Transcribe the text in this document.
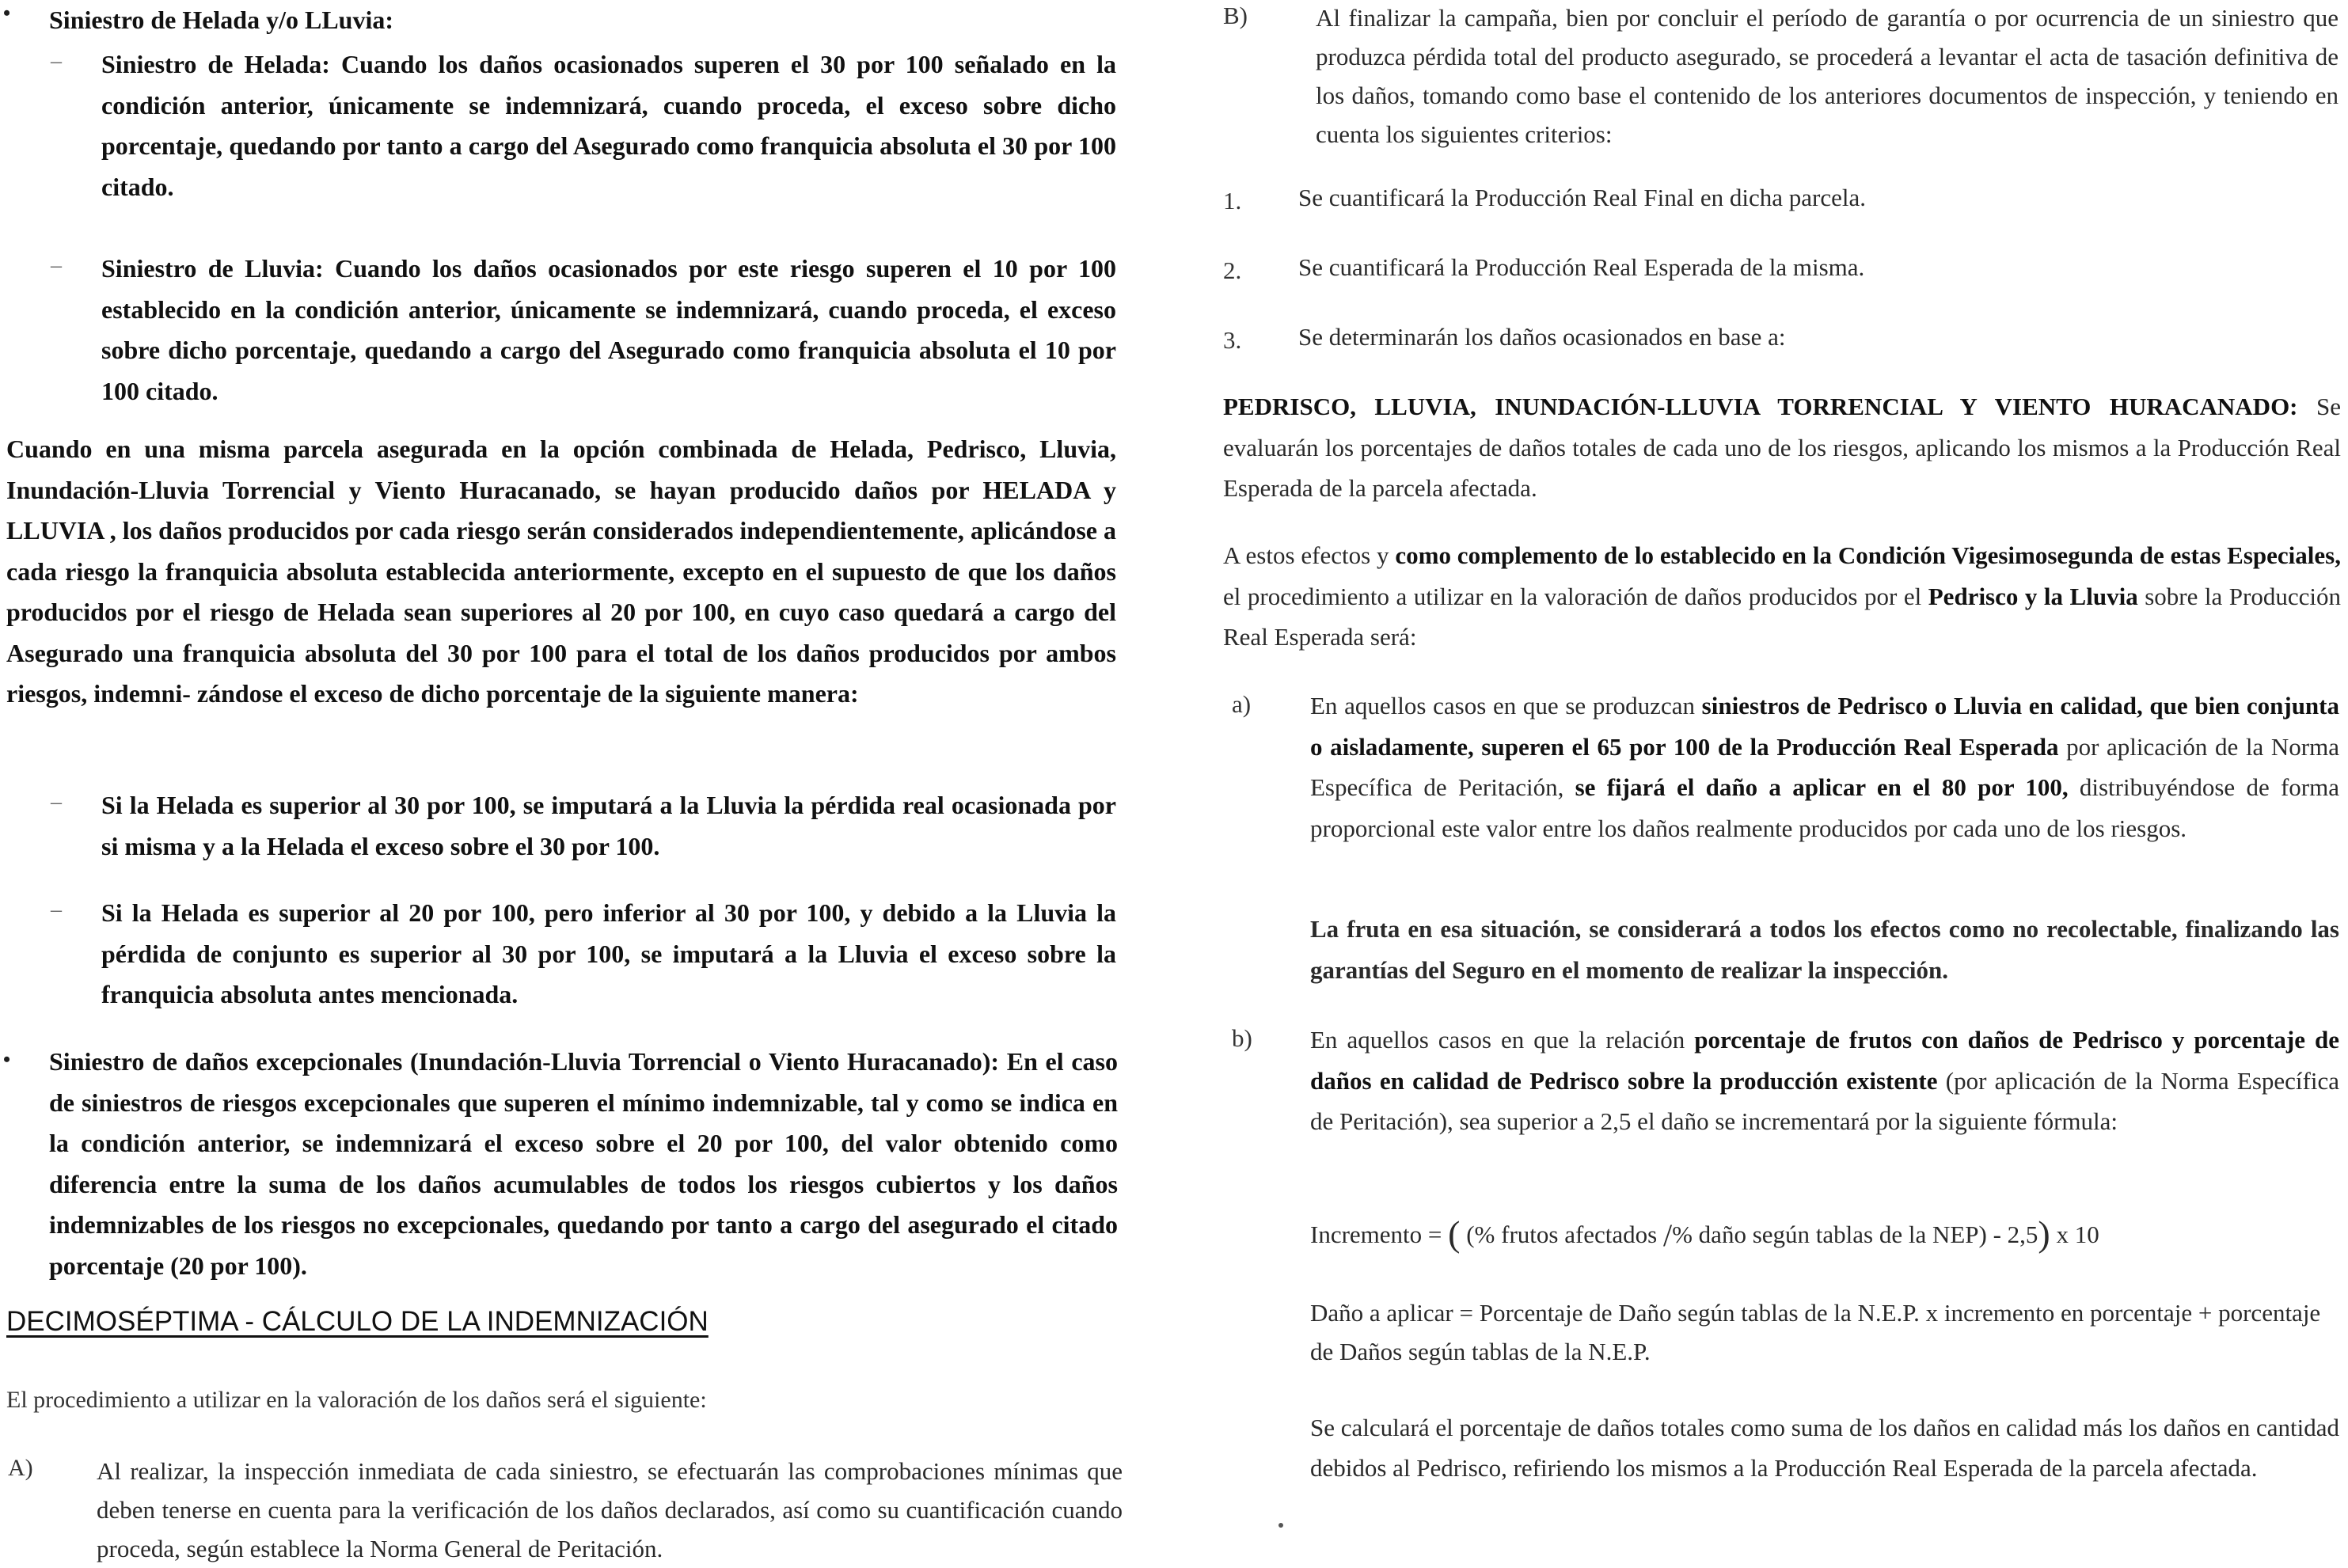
•	Siniestro de Helada y/o LLuvia:

– Siniestro de Helada: Cuando los daños ocasionados superen el 30 por 100 señalado en la condición anterior, únicamente se indemnizará, cuando proceda, el exceso sobre dicho porcentaje, quedando por tanto a cargo del Asegurado como franquicia absoluta el 30 por 100 citado.

– Siniestro de Lluvia: Cuando los daños ocasionados por este riesgo superen el 10 por 100 establecido en la condición anterior, únicamente se indemnizará, cuando proceda, el exceso sobre dicho porcentaje, quedando a cargo del Asegurado como franquicia absoluta el 10 por 100 citado.

Cuando en una misma parcela asegurada en la opción combinada de Helada, Pedrisco, Lluvia, Inundación-Lluvia Torrencial y Viento Huracanado, se hayan producido daños por HELADA y LLUVIA , los daños producidos por cada riesgo serán considerados independientemente, aplicándose a cada riesgo la franquicia absoluta establecida anteriormente, excepto en el supuesto de que los daños producidos por el riesgo de Helada sean superiores al 20 por 100, en cuyo caso quedará a cargo del Asegurado una franquicia absoluta del 30 por 100 para el total de los daños producidos por ambos riesgos, indemni- zándose el exceso de dicho porcentaje de la siguiente manera:

– Si la Helada es superior al 30 por 100, se imputará a la Lluvia la pérdida real ocasionada por si misma y a la Helada el exceso sobre el 30 por 100.

– Si la Helada es superior al 20 por 100, pero inferior al 30 por 100, y debido a la Lluvia la pérdida de conjunto es superior al 30 por 100, se imputará a la Lluvia el exceso sobre la franquicia absoluta antes mencionada.

•	Siniestro de daños excepcionales (Inundación-Lluvia Torrencial o Viento Huracanado): En el caso de siniestros de riesgos excepcionales que superen el mínimo indemnizable, tal y como se indica en la condición anterior, se indemnizará el exceso sobre el 20 por 100, del valor obtenido como diferencia entre la suma de los daños acumulables de todos los riesgos cubiertos y los daños indemnizables de los riesgos no excepcionales, quedando por tanto a cargo del asegurado el citado porcentaje (20 por 100).

DECIMOSÉPTIMA - CÁLCULO DE LA INDEMNIZACIÓN

El procedimiento a utilizar en la valoración de los daños será el siguiente:

A)	Al realizar, la inspección inmediata de cada siniestro, se efectuarán las comprobaciones mínimas que deben tenerse en cuenta para la verificación de los daños declarados, así como su cuantificación cuando proceda, según establece la Norma General de Peritación.

B)	Al finalizar la campaña, bien por concluir el período de garantía o por ocurrencia de un siniestro que produzca pérdida total del producto asegurado, se procederá a levantar el acta de tasación definitiva de los daños, tomando como base el contenido de los anteriores documentos de inspección, y teniendo en cuenta los siguientes criterios:

1. Se cuantificará la Producción Real Final en dicha parcela.

2. Se cuantificará la Producción Real Esperada de la misma.

3. Se determinarán los daños ocasionados en base a:

PEDRISCO, LLUVIA, INUNDACIÓN-LLUVIA TORRENCIAL Y VIENTO HURACANADO: Se evaluarán los porcentajes de daños totales de cada uno de los riesgos, aplicando los mismos a la Producción Real Esperada de la parcela afectada.

A estos efectos y como complemento de lo establecido en la Condición Vigesimosegunda de estas Especiales, el procedimiento a utilizar en la valoración de daños producidos por el Pedrisco y la Lluvia sobre la Producción Real Esperada será:

a) En aquellos casos en que se produzcan siniestros de Pedrisco o Lluvia en calidad, que bien conjunta o aisladamente, superen el 65 por 100 de la Producción Real Esperada por aplicación de la Norma Específica de Peritación, se fijará el daño a aplicar en el 80 por 100, distribuyéndose de forma proporcional este valor entre los daños realmente producidos por cada uno de los riesgos.

La fruta en esa situación, se considerará a todos los efectos como no recolectable, finalizando las garantías del Seguro en el momento de realizar la inspección.

b) En aquellos casos en que la relación porcentaje de frutos con daños de Pedrisco y porcentaje de daños en calidad de Pedrisco sobre la producción existente (por aplicación de la Norma Específica de Peritación), sea superior a 2,5 el daño se incrementará por la siguiente fórmula:

Incremento = ( (% frutos afectados /% daño según tablas de la NEP) - 2,5) x 10

Daño a aplicar = Porcentaje de Daño según tablas de la N.E.P. x incremento en porcentaje + porcentaje de Daños según tablas de la N.E.P.

Se calculará el porcentaje de daños totales como suma de los daños en calidad más los daños en cantidad debidos al Pedrisco, refiriendo los mismos a la Producción Real Esperada de la parcela afectada.
